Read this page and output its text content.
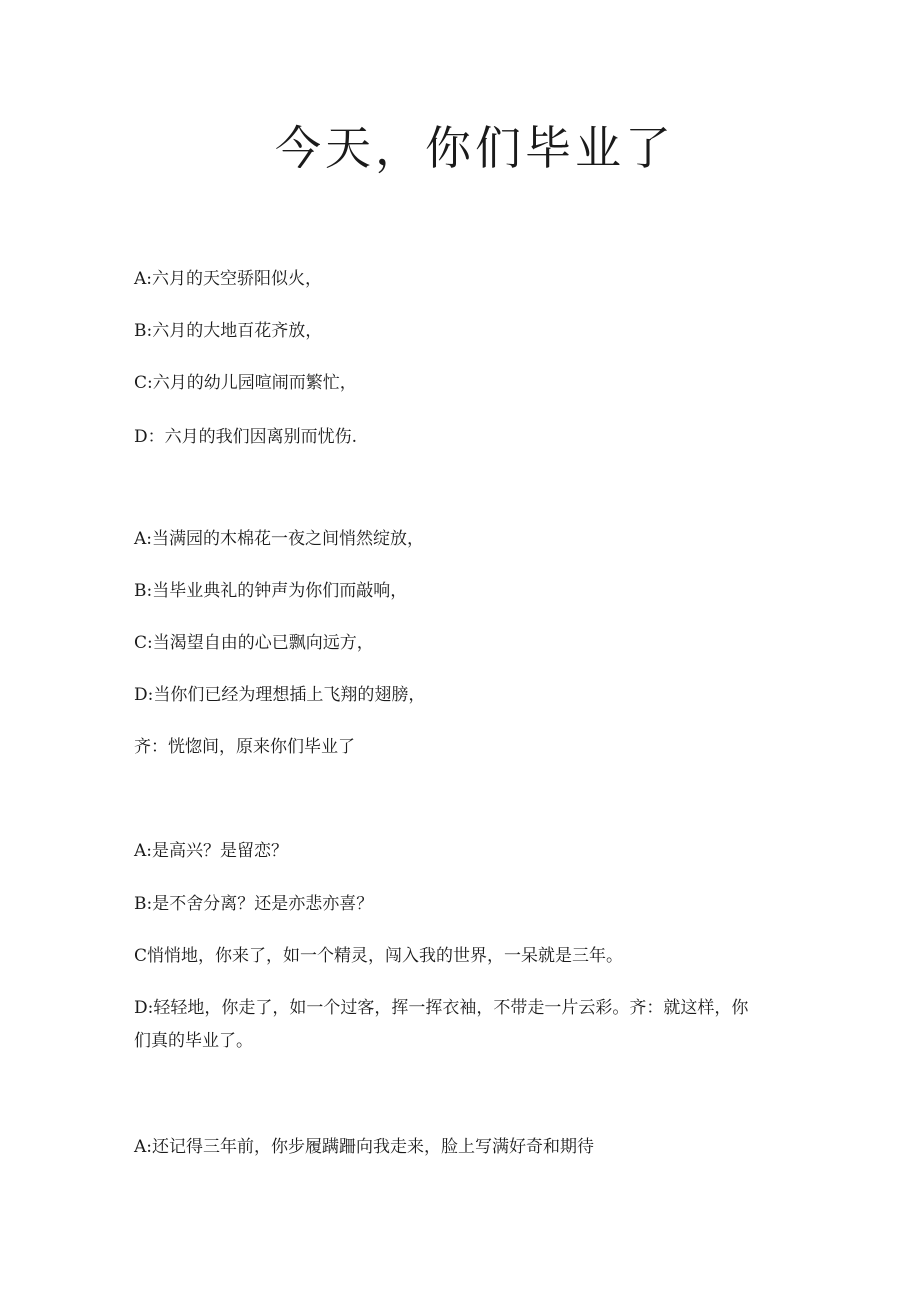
今天，你们毕业了

A:六月的天空骄阳似火，

B:六月的大地百花齐放，

C:六月的幼儿园喧闹而繁忙，

D：六月的我们因离别而忧伤.

A:当满园的木棉花一夜之间悄然绽放，

B:当毕业典礼的钟声为你们而敲响，

C:当渴望自由的心已飘向远方，

D:当你们已经为理想插上飞翔的翅膀，

齐：恍惚间，原来你们毕业了

A:是高兴？是留恋？

B:是不舍分离？还是亦悲亦喜？

C悄悄地，你来了，如一个精灵，闯入我的世界，一呆就是三年。

D:轻轻地，你走了，如一个过客，挥一挥衣袖，不带走一片云彩。齐：就这样，你们真的毕业了。

A:还记得三年前，你步履蹒跚向我走来，脸上写满好奇和期待
